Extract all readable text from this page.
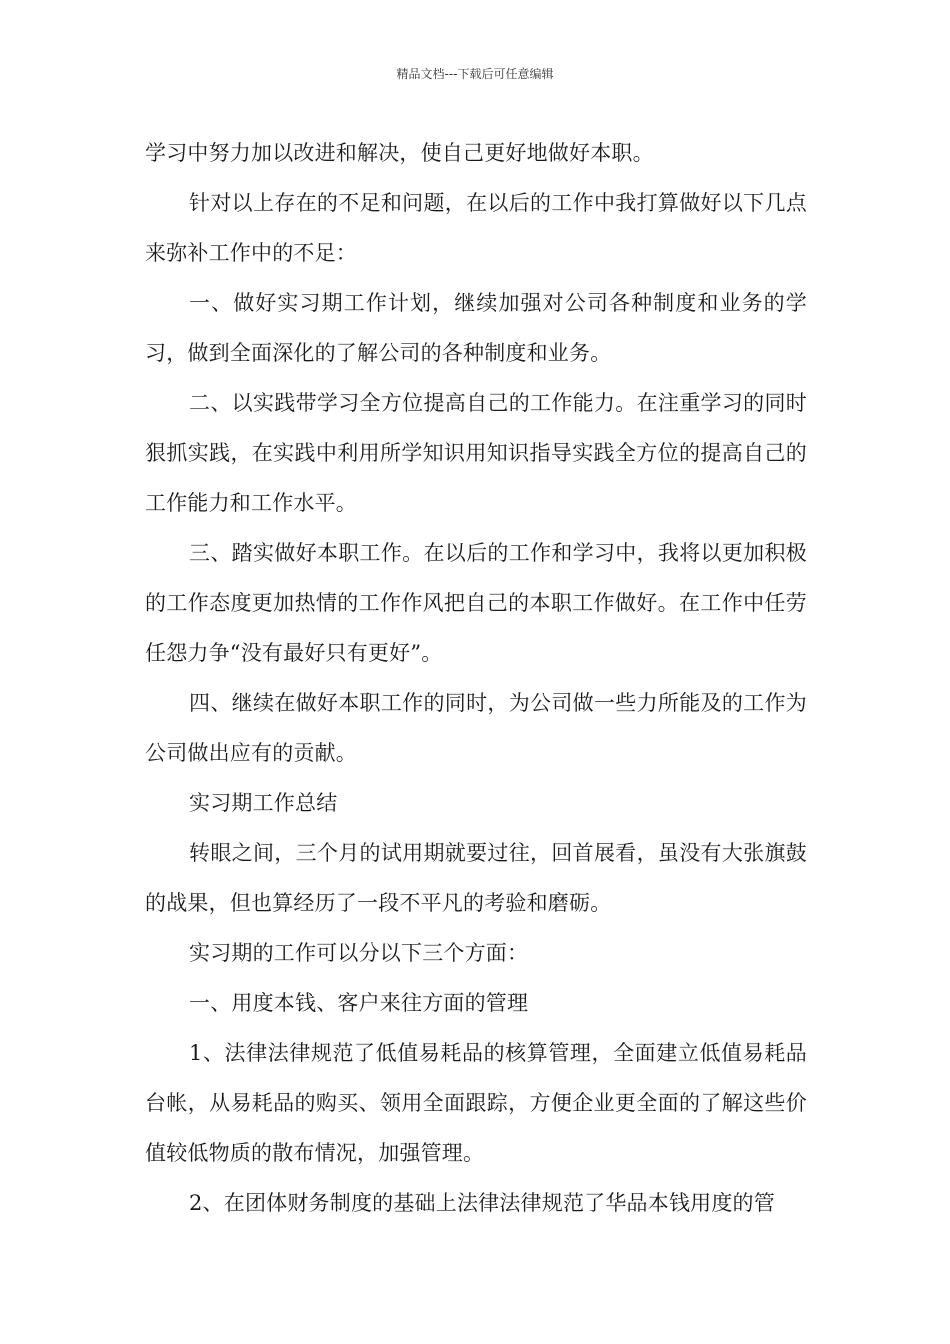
精品文档---下载后可任意编辑

学习中努力加以改进和解决，使自己更好地做好本职。

针对以上存在的不足和问题，在以后的工作中我打算做好以下几点来弥补工作中的不足：

一、做好实习期工作计划，继续加强对公司各种制度和业务的学习，做到全面深化的了解公司的各种制度和业务。

二、以实践带学习全方位提高自己的工作能力。在注重学习的同时狠抓实践，在实践中利用所学知识用知识指导实践全方位的提高自己的工作能力和工作水平。

三、踏实做好本职工作。在以后的工作和学习中，我将以更加积极的工作态度更加热情的工作作风把自己的本职工作做好。在工作中任劳任怨力争“没有最好只有更好”。

四、继续在做好本职工作的同时，为公司做一些力所能及的工作为公司做出应有的贡献。

实习期工作总结

转眼之间，三个月的试用期就要过往，回首展看，虽没有大张旗鼓的战果，但也算经历了一段不平凡的考验和磨砺。

实习期的工作可以分以下三个方面：

一、用度本钱、客户来往方面的管理

1、法律法律规范了低值易耗品的核算管理，全面建立低值易耗品台帐，从易耗品的购买、领用全面跟踪，方便企业更全面的了解这些价值较低物质的散布情况，加强管理。

2、在团体财务制度的基础上法律法律规范了华品本钱用度的管
